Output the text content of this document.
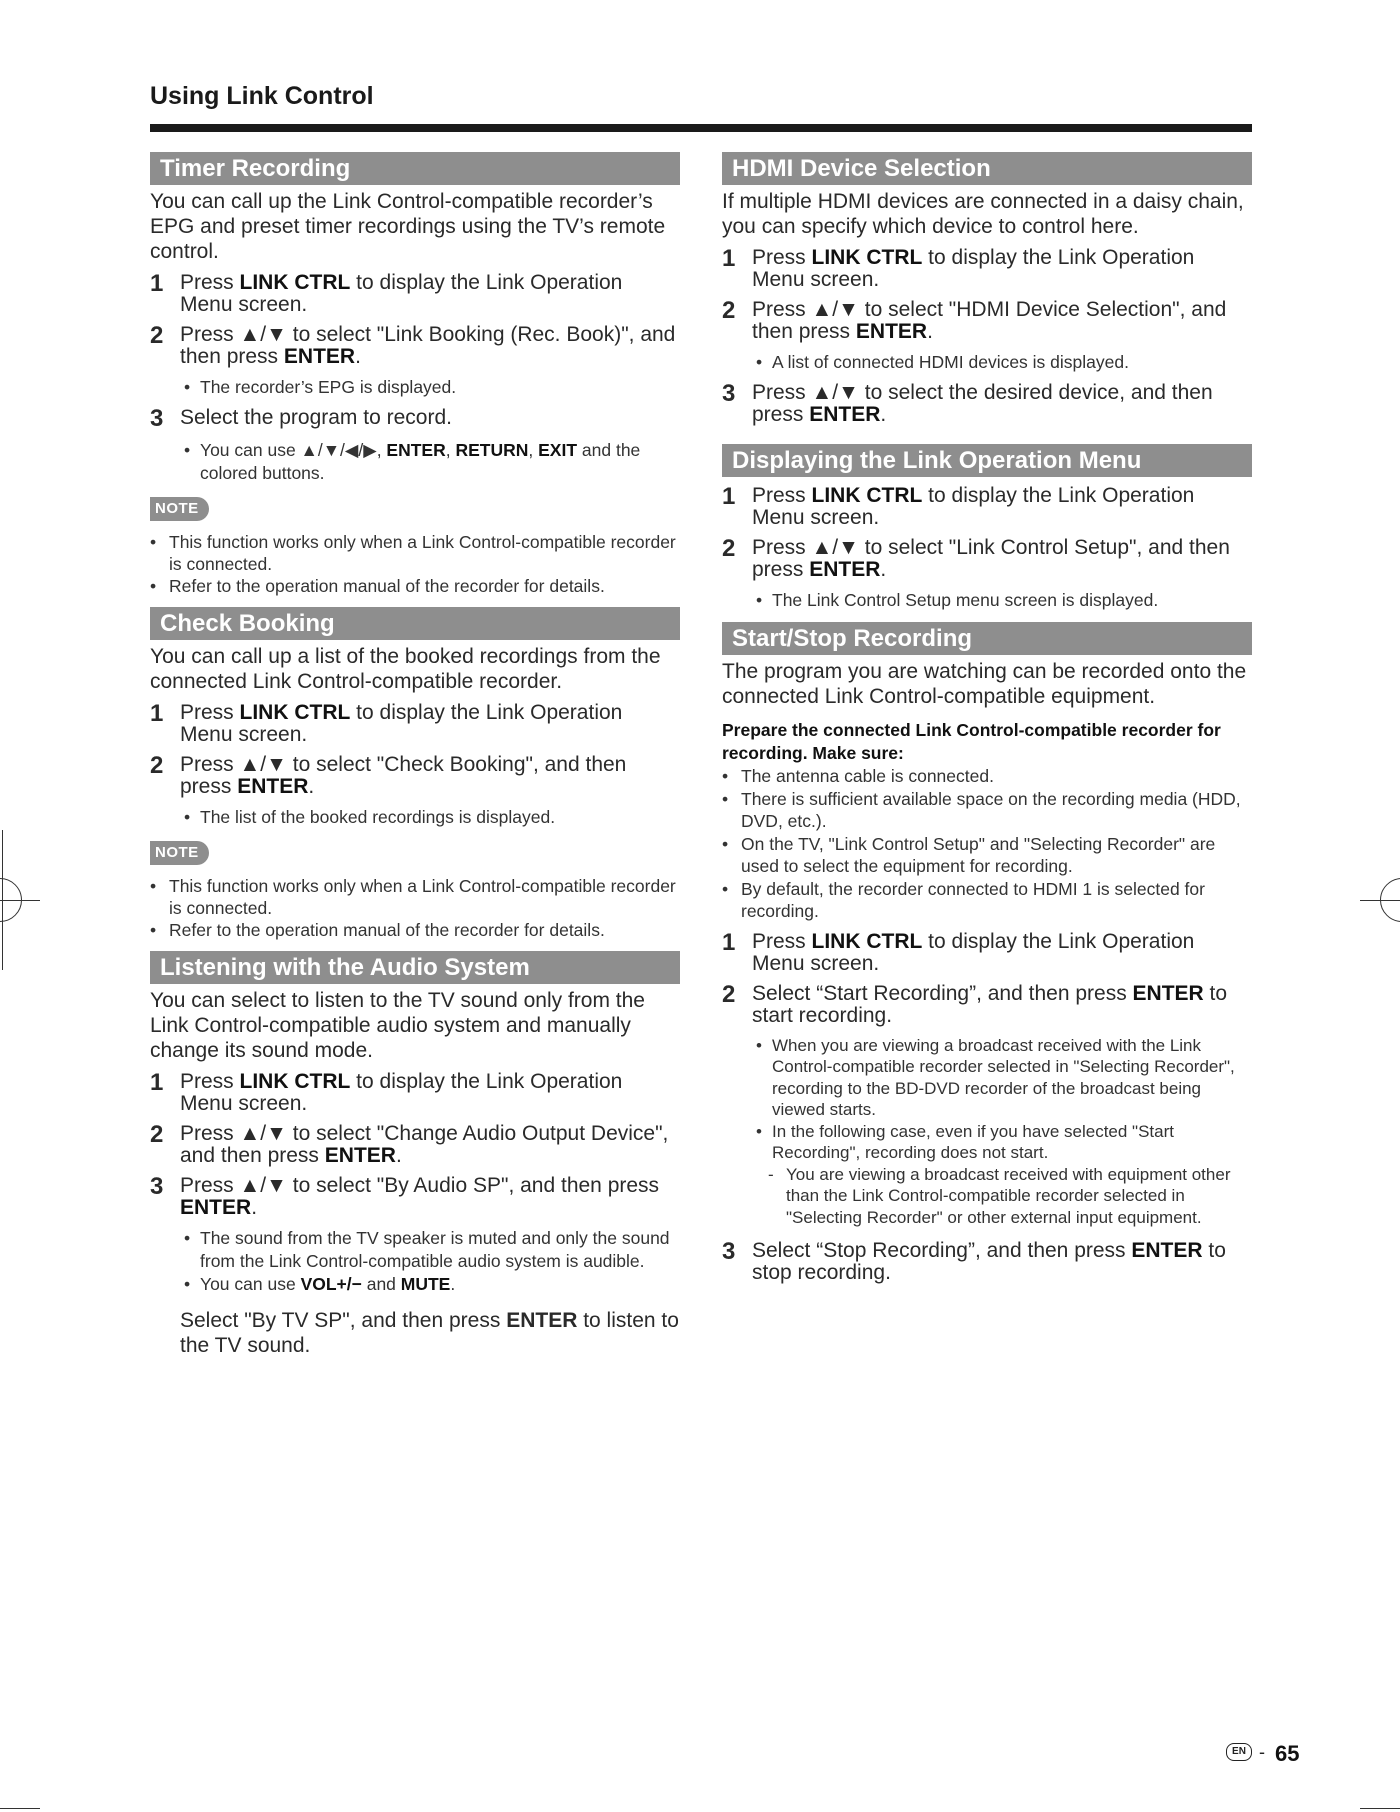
Using Link Control
Timer Recording
You can call up the Link Control-compatible recorder’s EPG and preset timer recordings using the TV’s remote control.
1 Press LINK CTRL to display the Link Operation Menu screen.
2 Press ▲/▼ to select "Link Booking (Rec. Book)", and then press ENTER.
• The recorder’s EPG is displayed.
3 Select the program to record.
• You can use ▲/▼/◀/▶, ENTER, RETURN, EXIT and the colored buttons.
NOTE
• This function works only when a Link Control-compatible recorder is connected.
• Refer to the operation manual of the recorder for details.
Check Booking
You can call up a list of the booked recordings from the connected Link Control-compatible recorder.
1 Press LINK CTRL to display the Link Operation Menu screen.
2 Press ▲/▼ to select "Check Booking", and then press ENTER.
• The list of the booked recordings is displayed.
NOTE
• This function works only when a Link Control-compatible recorder is connected.
• Refer to the operation manual of the recorder for details.
Listening with the Audio System
You can select to listen to the TV sound only from the Link Control-compatible audio system and manually change its sound mode.
1 Press LINK CTRL to display the Link Operation Menu screen.
2 Press ▲/▼ to select "Change Audio Output Device", and then press ENTER.
3 Press ▲/▼ to select "By Audio SP", and then press ENTER.
• The sound from the TV speaker is muted and only the sound from the Link Control-compatible audio system is audible.
• You can use VOL+/− and MUTE.
Select "By TV SP", and then press ENTER to listen to the TV sound.
HDMI Device Selection
If multiple HDMI devices are connected in a daisy chain, you can specify which device to control here.
1 Press LINK CTRL to display the Link Operation Menu screen.
2 Press ▲/▼ to select "HDMI Device Selection", and then press ENTER.
• A list of connected HDMI devices is displayed.
3 Press ▲/▼ to select the desired device, and then press ENTER.
Displaying the Link Operation Menu
1 Press LINK CTRL to display the Link Operation Menu screen.
2 Press ▲/▼ to select "Link Control Setup", and then press ENTER.
• The Link Control Setup menu screen is displayed.
Start/Stop Recording
The program you are watching can be recorded onto the connected Link Control-compatible equipment.
Prepare the connected Link Control-compatible recorder for recording. Make sure:
• The antenna cable is connected.
• There is sufficient available space on the recording media (HDD, DVD, etc.).
• On the TV, "Link Control Setup" and "Selecting Recorder" are used to select the equipment for recording.
• By default, the recorder connected to HDMI 1 is selected for recording.
1 Press LINK CTRL to display the Link Operation Menu screen.
2 Select “Start Recording”, and then press ENTER to start recording.
• When you are viewing a broadcast received with the Link Control-compatible recorder selected in "Selecting Recorder", recording to the BD-DVD recorder of the broadcast being viewed starts.
• In the following case, even if you have selected "Start Recording", recording does not start.
- You are viewing a broadcast received with equipment other than the Link Control-compatible recorder selected in "Selecting Recorder" or other external input equipment.
3 Select “Stop Recording”, and then press ENTER to stop recording.
EN - 65
